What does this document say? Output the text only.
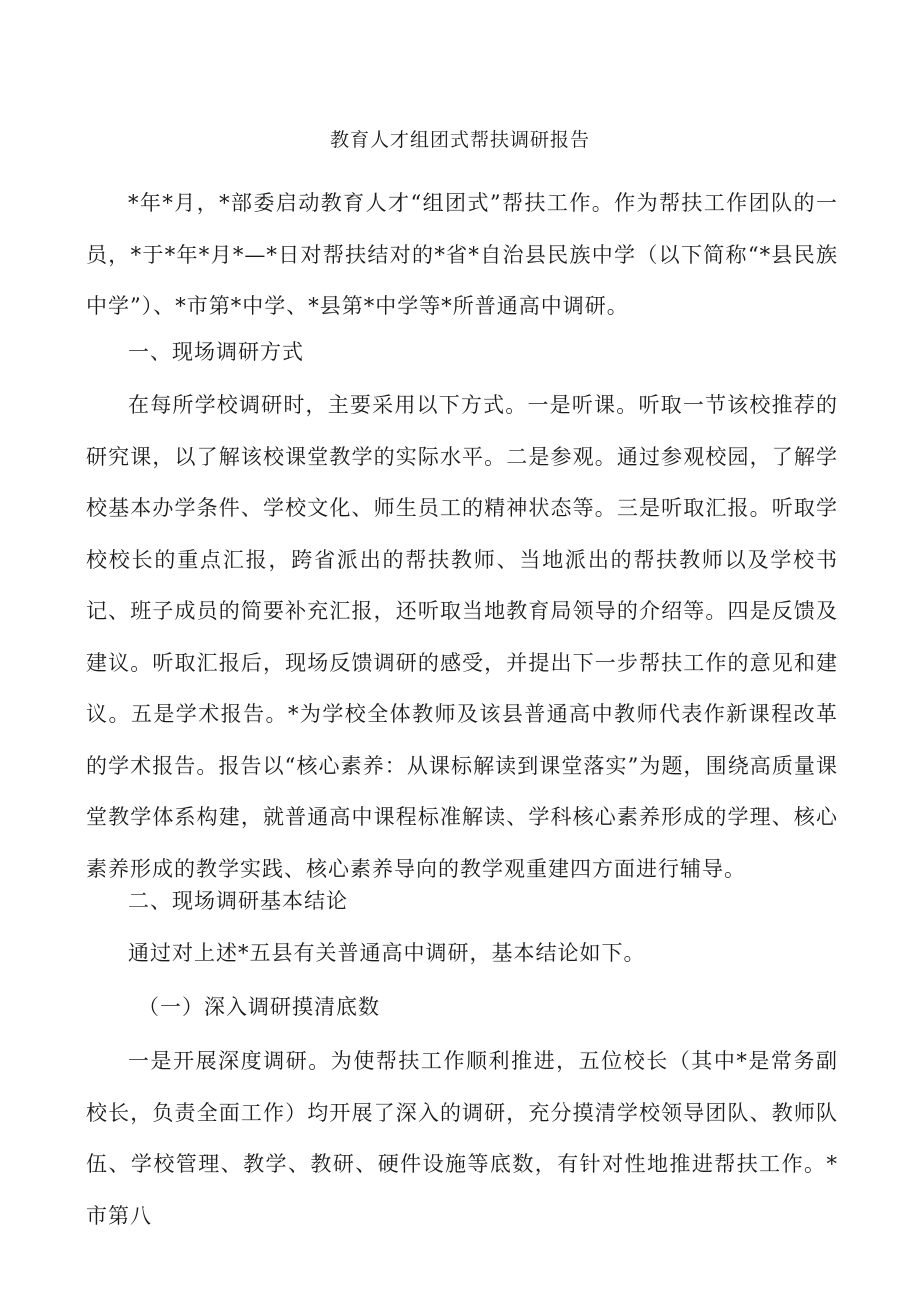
教育人才组团式帮扶调研报告

*年*月，*部委启动教育人才“组团式”帮扶工作。作为帮扶工作团队的一员，*于*年*月*—*日对帮扶结对的*省*自治县民族中学（以下简称“*县民族中学”）、*市第*中学、*县第*中学等*所普通高中调研。

一、现场调研方式

在每所学校调研时，主要采用以下方式。一是听课。听取一节该校推荐的研究课，以了解该校课堂教学的实际水平。二是参观。通过参观校园，了解学校基本办学条件、学校文化、师生员工的精神状态等。三是听取汇报。听取学校校长的重点汇报，跨省派出的帮扶教师、当地派出的帮扶教师以及学校书记、班子成员的简要补充汇报，还听取当地教育局领导的介绍等。四是反馈及建议。听取汇报后，现场反馈调研的感受，并提出下一步帮扶工作的意见和建议。五是学术报告。*为学校全体教师及该县普通高中教师代表作新课程改革的学术报告。报告以“核心素养：从课标解读到课堂落实”为题，围绕高质量课堂教学体系构建，就普通高中课程标准解读、学科核心素养形成的学理、核心素养形成的教学实践、核心素养导向的教学观重建四方面进行辅导。

二、现场调研基本结论

通过对上述*五县有关普通高中调研，基本结论如下。

（一）深入调研摸清底数

一是开展深度调研。为使帮扶工作顺利推进，五位校长（其中*是常务副校长，负责全面工作）均开展了深入的调研，充分摸清学校领导团队、教师队伍、学校管理、教学、教研、硬件设施等底数，有针对性地推进帮扶工作。*市第八
